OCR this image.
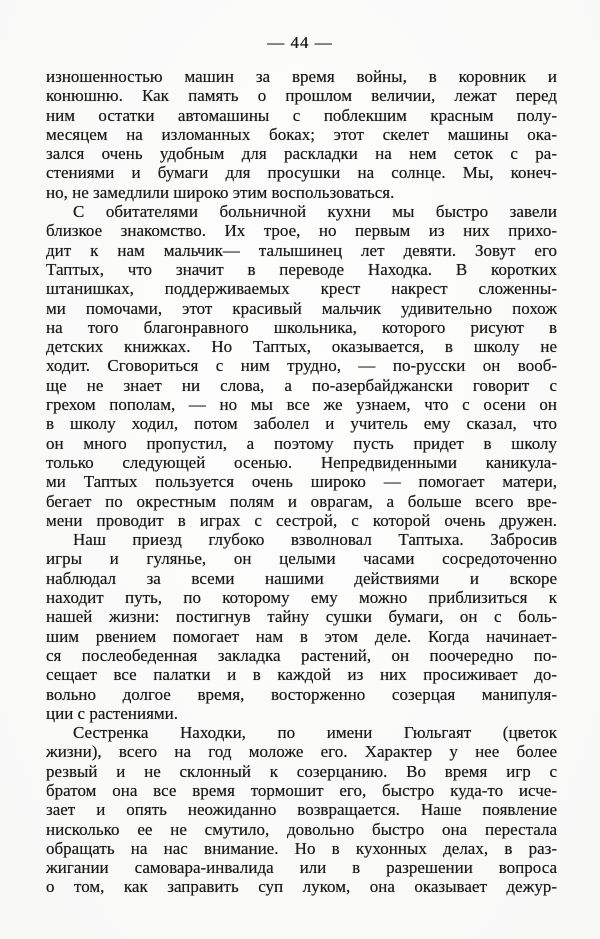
— 44 —
изношенностью машин за время войны, в коровник и
конюшню. Как память о прошлом величии, лежат перед
ним остатки автомашины с поблекшим красным полу-
месяцем на изломанных боках; этот скелет машины ока-
зался очень удобным для раскладки на нем сеток с ра-
стениями и бумаги для просушки на солнце. Мы, конеч-
но, не замедлили широко этим воспользоваться.
С обитателями больничной кухни мы быстро завели
близкое знакомство. Их трое, но первым из них прихо-
дит к нам мальчик— талышинец лет девяти. Зовут его
Таптых, что значит в переводе Находка. В коротких
штанишках, поддерживаемых крест накрест сложенны-
ми помочами, этот красивый мальчик удивительно похож
на того благонравного школьника, которого рисуют в
детских книжках. Но Таптых, оказывается, в школу не
ходит. Сговориться с ним трудно, — по-русски он вооб-
ще не знает ни слова, а по-азербайджански говорит с
грехом пополам, — но мы все же узнаем, что с осени он
в школу ходил, потом заболел и учитель ему сказал, что
он много пропустил, а поэтому пусть придет в школу
только следующей осенью. Непредвиденными каникула-
ми Таптых пользуется очень широко — помогает матери,
бегает по окрестным полям и оврагам, а больше всего вре-
мени проводит в играх с сестрой, с которой очень дружен.
Наш приезд глубоко взволновал Таптыха. Забросив
игры и гулянье, он целыми часами сосредоточенно
наблюдал за всеми нашими действиями и вскоре
находит путь, по которому ему можно приблизиться к
нашей жизни: постигнув тайну сушки бумаги, он с боль-
шим рвением помогает нам в этом деле. Когда начинает-
ся послеобеденная закладка растений, он поочередно по-
сещает все палатки и в каждой из них просиживает до-
вольно долгое время, восторженно созерцая манипуля-
ции с растениями.
Сестренка Находки, по имени Гюльгаят (цветок
жизни), всего на год моложе его. Характер у нее более
резвый и не склонный к созерцанию. Во время игр с
братом она все время тормошит его, быстро куда-то исче-
зает и опять неожиданно возвращается. Наше появление
нисколько ее не смутило, довольно быстро она перестала
обращать на нас внимание. Но в кухонных делах, в раз-
жигании самовара-инвалида или в разрешении вопроса
о том, как заправить суп луком, она оказывает дежур-
